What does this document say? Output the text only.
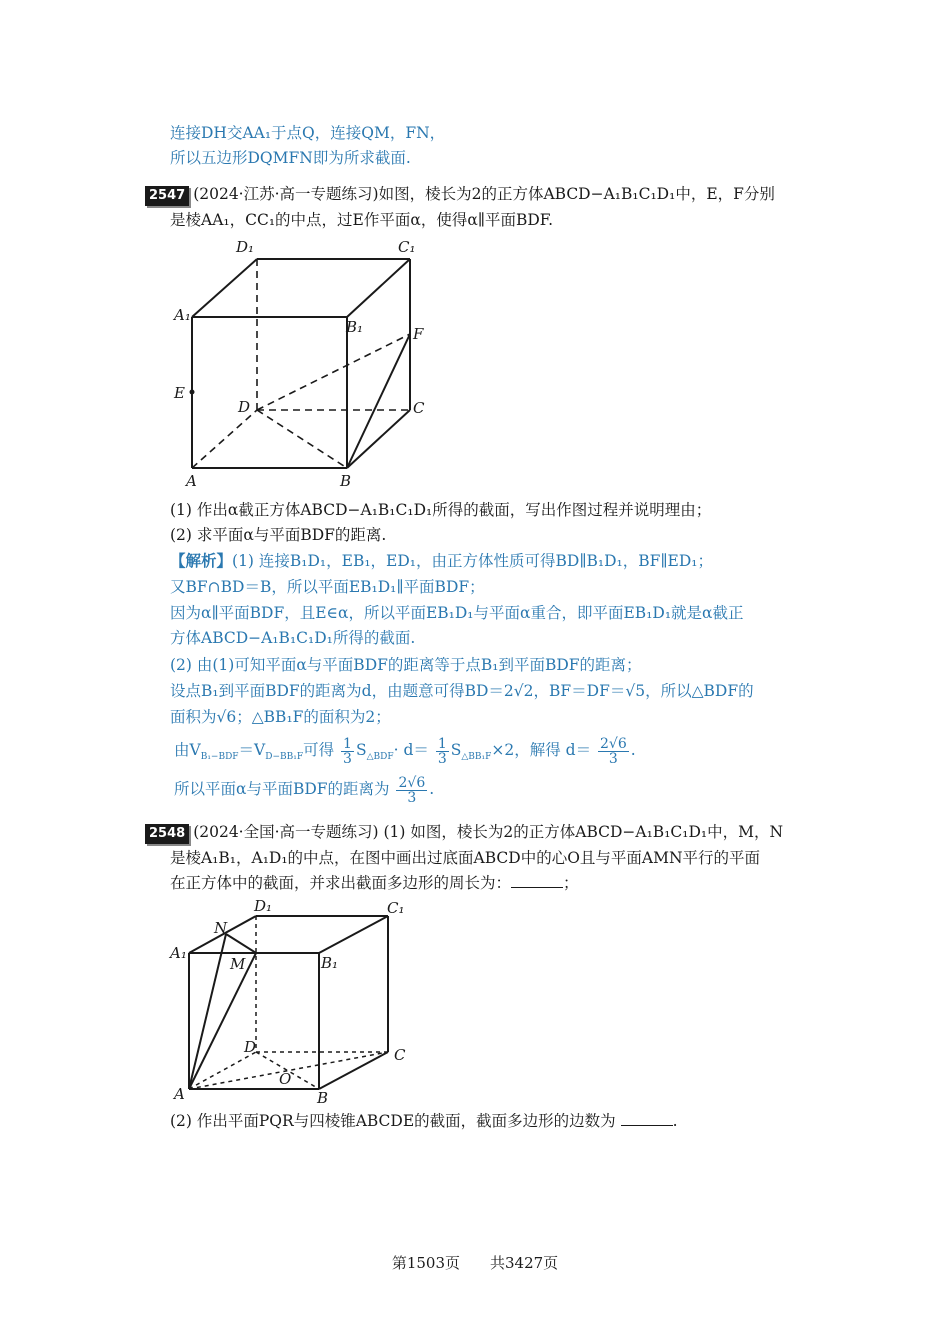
连接DH交AA₁于点Q，连接QM，FN，
所以五边形DQMFN即为所求截面.
2547 (2024·江苏·高一专题练习)如图，棱长为2的正方体ABCD−A₁B₁C₁D₁中，E，F分别
是棱AA₁，CC₁的中点，过E作平面α，使得α∥平面BDF.
D₁	C₁
A₁
B₁	F
E
D	C
A	B
(1) 作出α截正方体ABCD−A₁B₁C₁D₁所得的截面，写出作图过程并说明理由；
(2) 求平面α与平面BDF的距离.
【解析】(1) 连接B₁D₁，EB₁，ED₁，由正方体性质可得BD∥B₁D₁，BF∥ED₁；
又BF∩BD＝B，所以平面EB₁D₁∥平面BDF；
因为α∥平面BDF，且E∈α，所以平面EB₁D₁与平面α重合，即平面EB₁D₁就是α截正
方体ABCD−A₁B₁C₁D₁所得的截面.
(2) 由(1)可知平面α与平面BDF的距离等于点B₁到平面BDF的距离；
设点B₁到平面BDF的距离为d，由题意可得BD＝2√2，BF＝DF＝√5，所以△BDF的
面积为√6；△BB₁F的面积为2；
由$V_{B_1-BDF}=V_{D-BB_1F}$可得 $\frac{1}{3} S_{\triangle BDF}\cdot d= \frac{1}{3} S_{\triangle BB_1F}\times 2$，解得 $d= \frac{2√6}{3}$ .
所以平面α与平面BDF的距离为 $\frac{2√6}{3}$ .
2548 (2024·全国·高一专题练习) (1) 如图，棱长为2的正方体ABCD−A₁B₁C₁D₁中，M，N
是棱A₁B₁，A₁D₁的中点，在图中画出过底面ABCD中的心O且与平面AMN平行的平面
在正方体中的截面，并求出截面多边形的周长为：	；
D₁	C₁
N
A₁
M	B₁
D	C
O
A	B
(2) 作出平面PQR与四棱锥ABCDE的截面，截面多边形的边数为	.
第1503页　　共3427页
